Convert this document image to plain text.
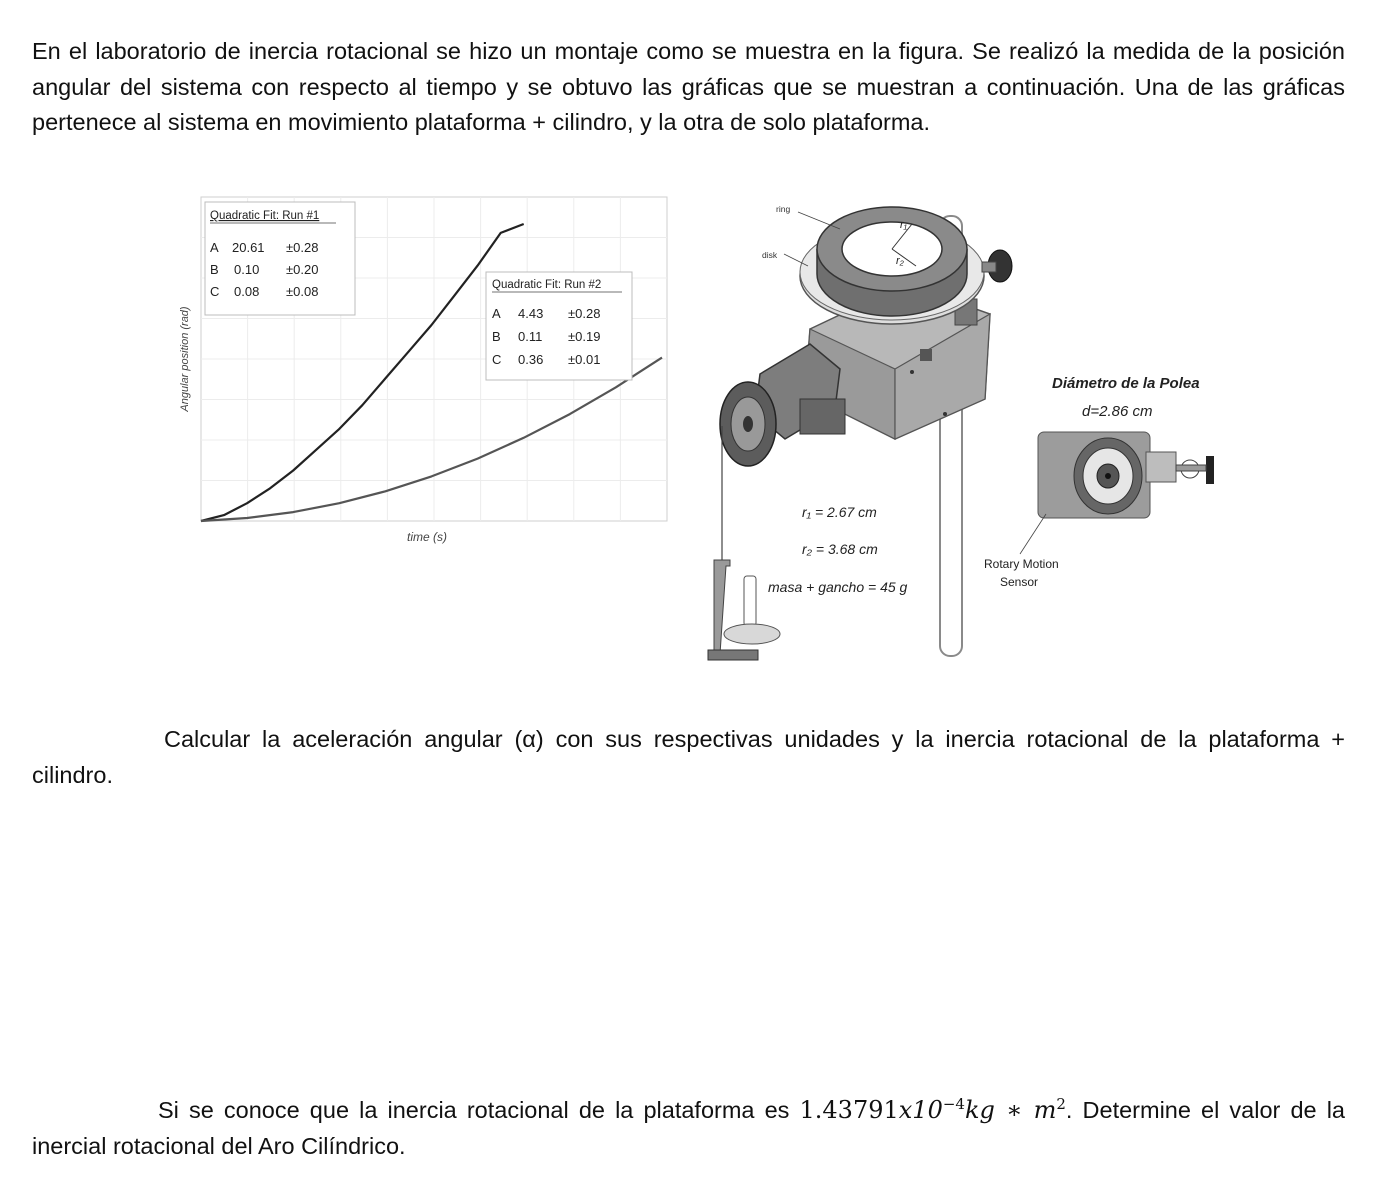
En el laboratorio de inercia rotacional se hizo un montaje como se muestra en la figura. Se realizó la medida de la posición angular del sistema con respecto al tiempo y se obtuvo las gráficas que se muestran a continuación. Una de las gráficas pertenece al sistema en movimiento plataforma + cilindro, y la otra de solo plataforma.
Angular position (rad)
time (s)
Quadratic Fit: Run #1
A 20.61 ±0.28
B 0.10 ±0.20
C 0.08 ±0.08	Quadratic Fit: Run #2
A 4.43 ±0.28
B 0.11 ±0.19
C 0.36 ±0.01
r₁
r₂
ring
disk
r₁ = 2.67 cm
r₂ = 3.68 cm
masa + gancho = 45 g
Diámetro de la Polea
d=2.86 cm
Rotary Motion
Sensor
Calcular la aceleración angular (α) con sus respectivas unidades y la inercia rotacional de la plataforma + cilindro.
Si se conoce que la inercia rotacional de la plataforma es $1.43791x10^{-4}kg$ ∗ $m^2$. Determine el valor de la inercial rotacional del Aro Cilíndrico.
